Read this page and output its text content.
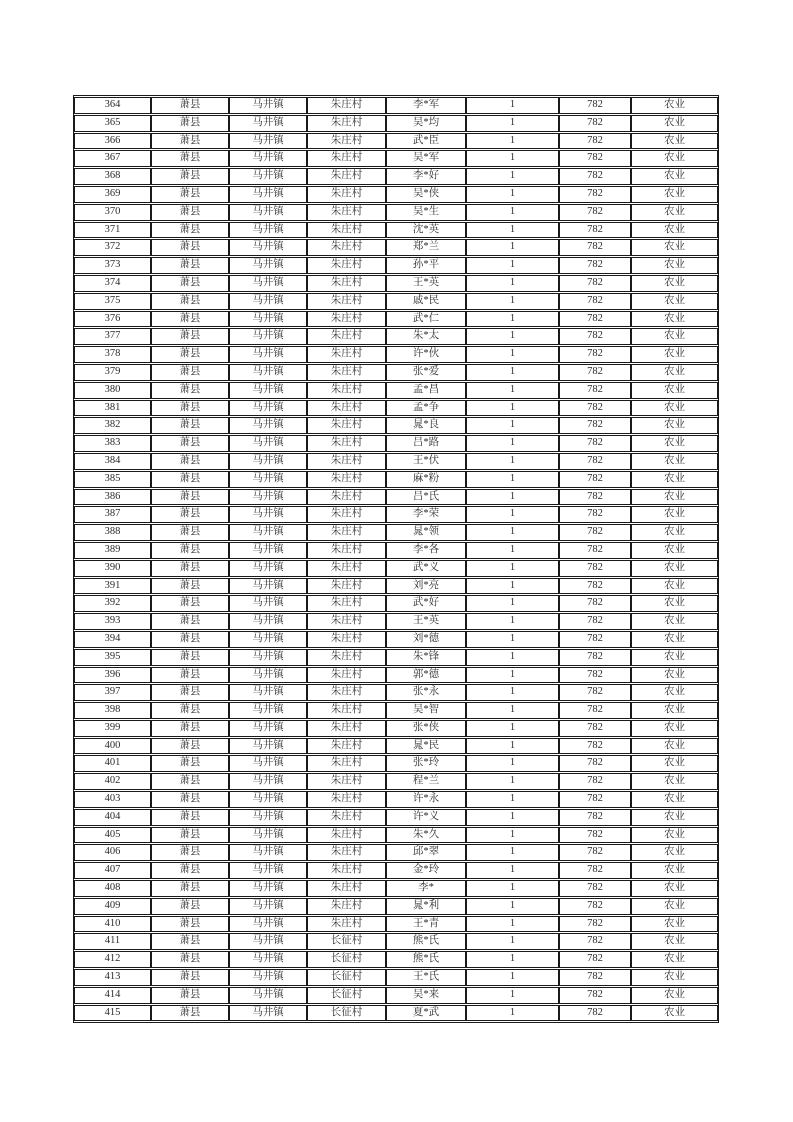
364	萧县	马井镇	朱庄村	李*军	1	782	农业
365	萧县	马井镇	朱庄村	吴*均	1	782	农业
366	萧县	马井镇	朱庄村	武*臣	1	782	农业
367	萧县	马井镇	朱庄村	吴*军	1	782	农业
368	萧县	马井镇	朱庄村	李*好	1	782	农业
369	萧县	马井镇	朱庄村	吴*侠	1	782	农业
370	萧县	马井镇	朱庄村	吴*生	1	782	农业
371	萧县	马井镇	朱庄村	沈*英	1	782	农业
372	萧县	马井镇	朱庄村	郑*兰	1	782	农业
373	萧县	马井镇	朱庄村	孙*平	1	782	农业
374	萧县	马井镇	朱庄村	王*英	1	782	农业
375	萧县	马井镇	朱庄村	戚*民	1	782	农业
376	萧县	马井镇	朱庄村	武*仁	1	782	农业
377	萧县	马井镇	朱庄村	朱*太	1	782	农业
378	萧县	马井镇	朱庄村	许*伙	1	782	农业
379	萧县	马井镇	朱庄村	张*爱	1	782	农业
380	萧县	马井镇	朱庄村	孟*昌	1	782	农业
381	萧县	马井镇	朱庄村	孟*争	1	782	农业
382	萧县	马井镇	朱庄村	晁*良	1	782	农业
383	萧县	马井镇	朱庄村	吕*路	1	782	农业
384	萧县	马井镇	朱庄村	王*伏	1	782	农业
385	萧县	马井镇	朱庄村	麻*粉	1	782	农业
386	萧县	马井镇	朱庄村	吕*氏	1	782	农业
387	萧县	马井镇	朱庄村	李*荣	1	782	农业
388	萧县	马井镇	朱庄村	晁*领	1	782	农业
389	萧县	马井镇	朱庄村	李*各	1	782	农业
390	萧县	马井镇	朱庄村	武*义	1	782	农业
391	萧县	马井镇	朱庄村	刘*亮	1	782	农业
392	萧县	马井镇	朱庄村	武*好	1	782	农业
393	萧县	马井镇	朱庄村	王*英	1	782	农业
394	萧县	马井镇	朱庄村	刘*德	1	782	农业
395	萧县	马井镇	朱庄村	朱*锋	1	782	农业
396	萧县	马井镇	朱庄村	郭*德	1	782	农业
397	萧县	马井镇	朱庄村	张*永	1	782	农业
398	萧县	马井镇	朱庄村	吴*智	1	782	农业
399	萧县	马井镇	朱庄村	张*侠	1	782	农业
400	萧县	马井镇	朱庄村	晁*民	1	782	农业
401	萧县	马井镇	朱庄村	张*玲	1	782	农业
402	萧县	马井镇	朱庄村	程*兰	1	782	农业
403	萧县	马井镇	朱庄村	许*永	1	782	农业
404	萧县	马井镇	朱庄村	许*义	1	782	农业
405	萧县	马井镇	朱庄村	朱*久	1	782	农业
406	萧县	马井镇	朱庄村	邱*翠	1	782	农业
407	萧县	马井镇	朱庄村	金*玲	1	782	农业
408	萧县	马井镇	朱庄村	李*	1	782	农业
409	萧县	马井镇	朱庄村	晁*利	1	782	农业
410	萧县	马井镇	朱庄村	王*青	1	782	农业
411	萧县	马井镇	长征村	熊*氏	1	782	农业
412	萧县	马井镇	长征村	熊*氏	1	782	农业
413	萧县	马井镇	长征村	王*氏	1	782	农业
414	萧县	马井镇	长征村	吴*来	1	782	农业
415	萧县	马井镇	长征村	夏*武	1	782	农业
